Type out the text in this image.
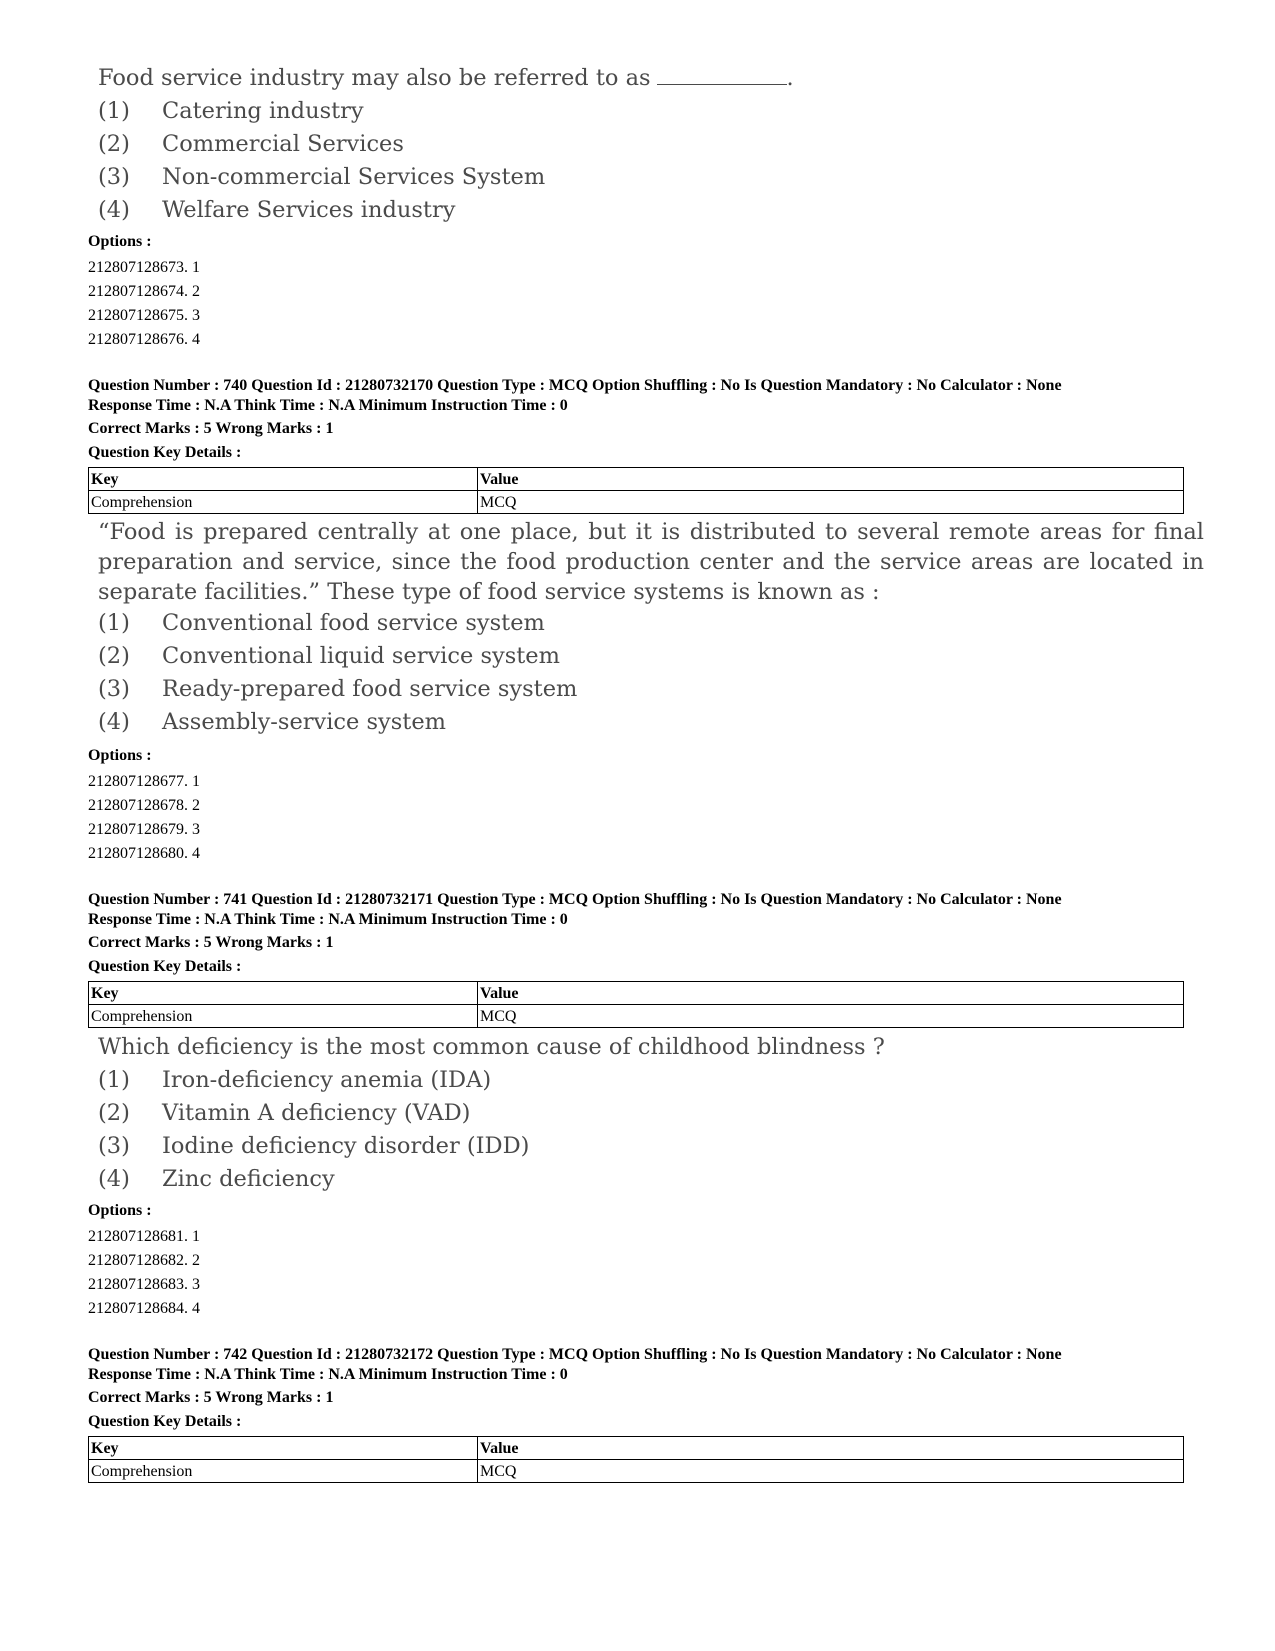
Food service industry may also be referred to as	.
(1) Catering industry
(2) Commercial Services
(3) Non-commercial Services System
(4) Welfare Services industry
Options :
212807128673. 1
212807128674. 2
212807128675. 3
212807128676. 4
Question Number : 740 Question Id : 21280732170 Question Type : MCQ Option Shuffling : No Is Question Mandatory : No Calculator : None
Response Time : N.A Think Time : N.A Minimum Instruction Time : 0
Correct Marks : 5 Wrong Marks : 1
Question Key Details :
Key	Value
Comprehension	MCQ
“Food is prepared centrally at one place, but it is distributed to several remote areas for final preparation and service, since the food production center and the service areas are located in separate facilities.” These type of food service systems is known as :
(1) Conventional food service system
(2) Conventional liquid service system
(3) Ready-prepared food service system
(4) Assembly-service system
Options :
212807128677. 1
212807128678. 2
212807128679. 3
212807128680. 4
Question Number : 741 Question Id : 21280732171 Question Type : MCQ Option Shuffling : No Is Question Mandatory : No Calculator : None
Response Time : N.A Think Time : N.A Minimum Instruction Time : 0
Correct Marks : 5 Wrong Marks : 1
Question Key Details :
Key	Value
Comprehension	MCQ
Which deficiency is the most common cause of childhood blindness ?
(1) Iron-deficiency anemia (IDA)
(2) Vitamin A deficiency (VAD)
(3) Iodine deficiency disorder (IDD)
(4) Zinc deficiency
Options :
212807128681. 1
212807128682. 2
212807128683. 3
212807128684. 4
Question Number : 742 Question Id : 21280732172 Question Type : MCQ Option Shuffling : No Is Question Mandatory : No Calculator : None
Response Time : N.A Think Time : N.A Minimum Instruction Time : 0
Correct Marks : 5 Wrong Marks : 1
Question Key Details :
Key	Value
Comprehension	MCQ
